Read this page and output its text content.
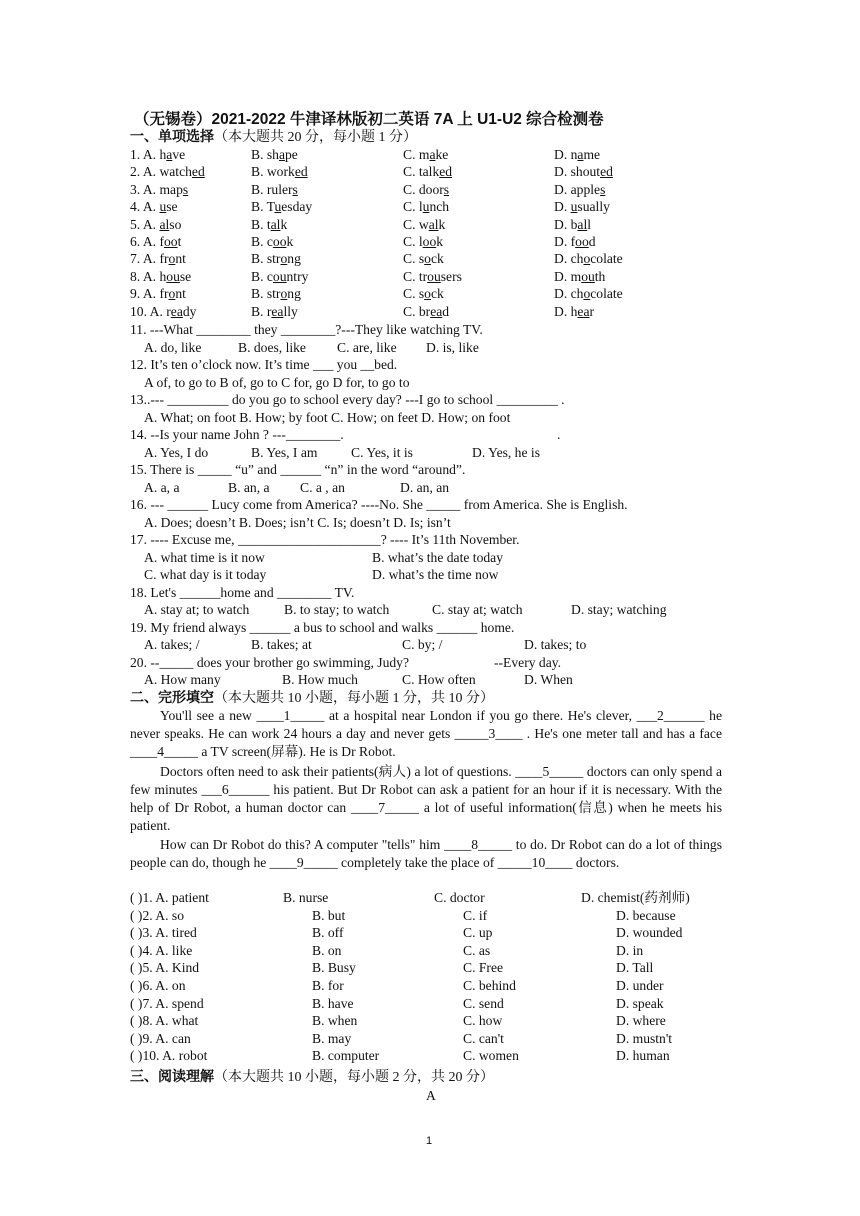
（无锡卷）2021-2022 牛津译林版初二英语 7A 上 U1-U2 综合检测卷
一、单项选择（本大题共 20 分，每小题 1 分）
1. A. have	B. shape	C. make	D. name
2. A. watched	B. worked	C. talked	D. shouted
3. A. maps	B. rulers	C. doors	D. apples
4. A. use	B. Tuesday	C. lunch	D. usually
5. A. also	B. talk	C. walk	D. ball
6. A. foot	B. cook	C. look	D. food
7. A. front	B. strong	C. sock	D. chocolate
8. A. house	B. country	C. trousers	D. mouth
9. A. front	B. strong	C. sock	D. chocolate
10. A. ready	B. really	C. bread	D. hear
11. ---What ________ they ________?---They like watching TV.
A. do, like	B. does, like C. are, like D. is, like
12. It’s ten o’clock now. It’s time ___ you __bed.
A of, to go to B of, go to C for, go D for, to go to
13..--- _________ do you go to school every day? ---I go to school _________ .
A. What; on foot B. How; by foot C. How; on feet D. How; on foot
14. --Is your name John ? ---________.	.
A. Yes, I do	B. Yes, I am C. Yes, it is	D. Yes, he is
15. There is _____ “u” and ______ “n” in the word “around”.
A. a, a	B. an, a C. a , an	D. an, an
16. --- ______ Lucy come from America? ----No. She _____ from America. She is English.
A. Does; doesn’t B. Does; isn’t C. Is; doesn’t D. Is; isn’t
17. ---- Excuse me, _____________________? ---- It’s 11th November.
A. what time is it now	B. what’s the date today
C. what day is it today	D. what’s the time now
18. Let's ______home and ________ TV.
A. stay at; to watch	B. to stay; to watch	C. stay at; watch	D. stay; watching
19. My friend always ______ a bus to school and walks ______ home.
A. takes; /	B. takes; at	C. by; /	D. takes; to
20. --_____ does your brother go swimming, Judy?	--Every day.
A. How many	B. How much	C. How often	D. When
二、完形填空（本大题共 10 小题，每小题 1 分，共 10 分）
You'll see a new ____1_____ at a hospital near London if you go there. He's clever, ___2______ he never speaks. He can work 24 hours a day and never gets _____3____ . He's one meter tall and has a face ____4_____ a TV screen(屏幕). He is Dr Robot.
Doctors often need to ask their patients(病人) a lot of questions. ____5_____ doctors can only spend a few minutes ___6______ his patient. But Dr Robot can ask a patient for an hour if it is necessary. With the help of Dr Robot, a human doctor can ____7_____ a lot of useful information(信息) when he meets his patient.
How can Dr Robot do this? A computer "tells" him ____8_____ to do. Dr Robot can do a lot of things people can do, though he ____9_____ completely take the place of _____10____ doctors.
( )1. A. patient	B. nurse	C. doctor	D. chemist(药剂师)
( )2. A. so	B. but	C. if	D. because
( )3. A. tired	B. off	C. up	D. wounded
( )4. A. like	B. on	C. as	D. in
( )5. A. Kind	B. Busy	C. Free	D. Tall
( )6. A. on	B. for	C. behind	D. under
( )7. A. spend	B. have	C. send	D. speak
( )8. A. what	B. when	C. how	D. where
( )9. A. can	B. may	C. can't	D. mustn't
( )10. A. robot	B. computer	C. women	D. human
三、阅读理解（本大题共 10 小题，每小题 2 分，共 20 分）
A
1
